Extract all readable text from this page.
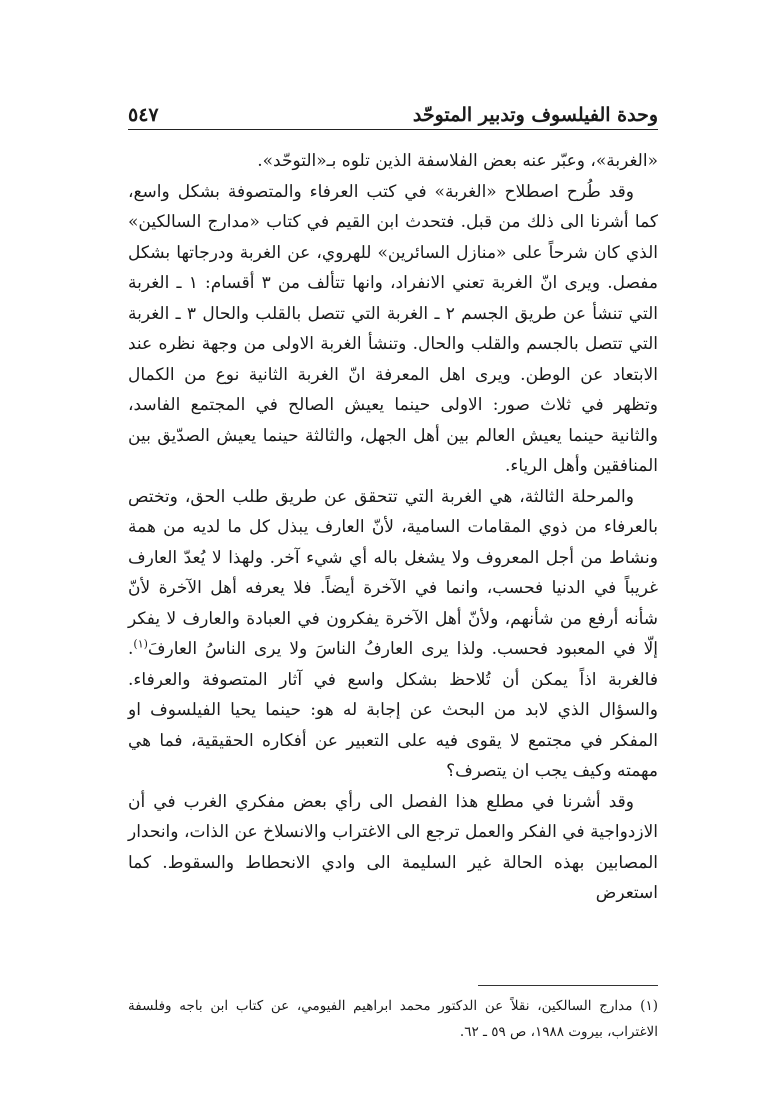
وحدة الفيلسوف وتدبير المتوحّد
٥٤٧

«الغربة»، وعبّر عنه بعض الفلاسفة الذين تلوه بـ«التوحّد».

وقد طُرح اصطلاح «الغربة» في كتب العرفاء والمتصوفة بشكل واسع، كما أشرنا الى ذلك من قبل. فتحدث ابن القيم في كتاب «مدارج السالكين» الذي كان شرحاً على «منازل السائرين» للهروي، عن الغربة ودرجاتها بشكل مفصل. ويرى انّ الغربة تعني الانفراد، وانها تتألف من ٣ أقسام: ١ ـ الغربة التي تنشأ عن طريق الجسم ٢ ـ الغربة التي تتصل بالقلب والحال ٣ ـ الغربة التي تتصل بالجسم والقلب والحال. وتنشأ الغربة الاولى من وجهة نظره عند الابتعاد عن الوطن. ويرى اهل المعرفة انّ الغربة الثانية نوع من الكمال وتظهر في ثلاث صور: الاولى حينما يعيش الصالح في المجتمع الفاسد، والثانية حينما يعيش العالم بين أهل الجهل، والثالثة حينما يعيش الصدّيق بين المنافقين وأهل الرياء.

والمرحلة الثالثة، هي الغربة التي تتحقق عن طريق طلب الحق، وتختص بالعرفاء من ذوي المقامات السامية، لأنّ العارف يبذل كل ما لديه من همة ونشاط من أجل المعروف ولا يشغل باله أي شيء آخر. ولهذا لا يُعدّ العارف غريباً في الدنيا فحسب، وانما في الآخرة أيضاً. فلا يعرفه أهل الآخرة لأنّ شأنه أرفع من شأنهم، ولأنّ أهل الآخرة يفكرون في العبادة والعارف لا يفكر إلّا في المعبود فحسب. ولذا يرى العارفُ الناسَ ولا يرى الناسُ العارفَ$^{(١)}$. فالغربة اذاً يمكن أن تُلاحظ بشكل واسع في آثار المتصوفة والعرفاء. والسؤال الذي لابد من البحث عن إجابة له هو: حينما يحيا الفيلسوف او المفكر في مجتمع لا يقوى فيه على التعبير عن أفكاره الحقيقية، فما هي مهمته وكيف يجب ان يتصرف؟

وقد أشرنا في مطلع هذا الفصل الى رأي بعض مفكري الغرب في أن الازدواجية في الفكر والعمل ترجع الى الاغتراب والانسلاخ عن الذات، وانحدار المصابين بهذه الحالة غير السليمة الى وادي الانحطاط والسقوط. كما استعرض

(١) مدارج السالكين، نقلاً عن الدكتور محمد ابراهيم الفيومي، عن كتاب ابن باجه وفلسفة الاغتراب، بيروت ١٩٨٨، ص ٥٩ ـ ٦٢.
